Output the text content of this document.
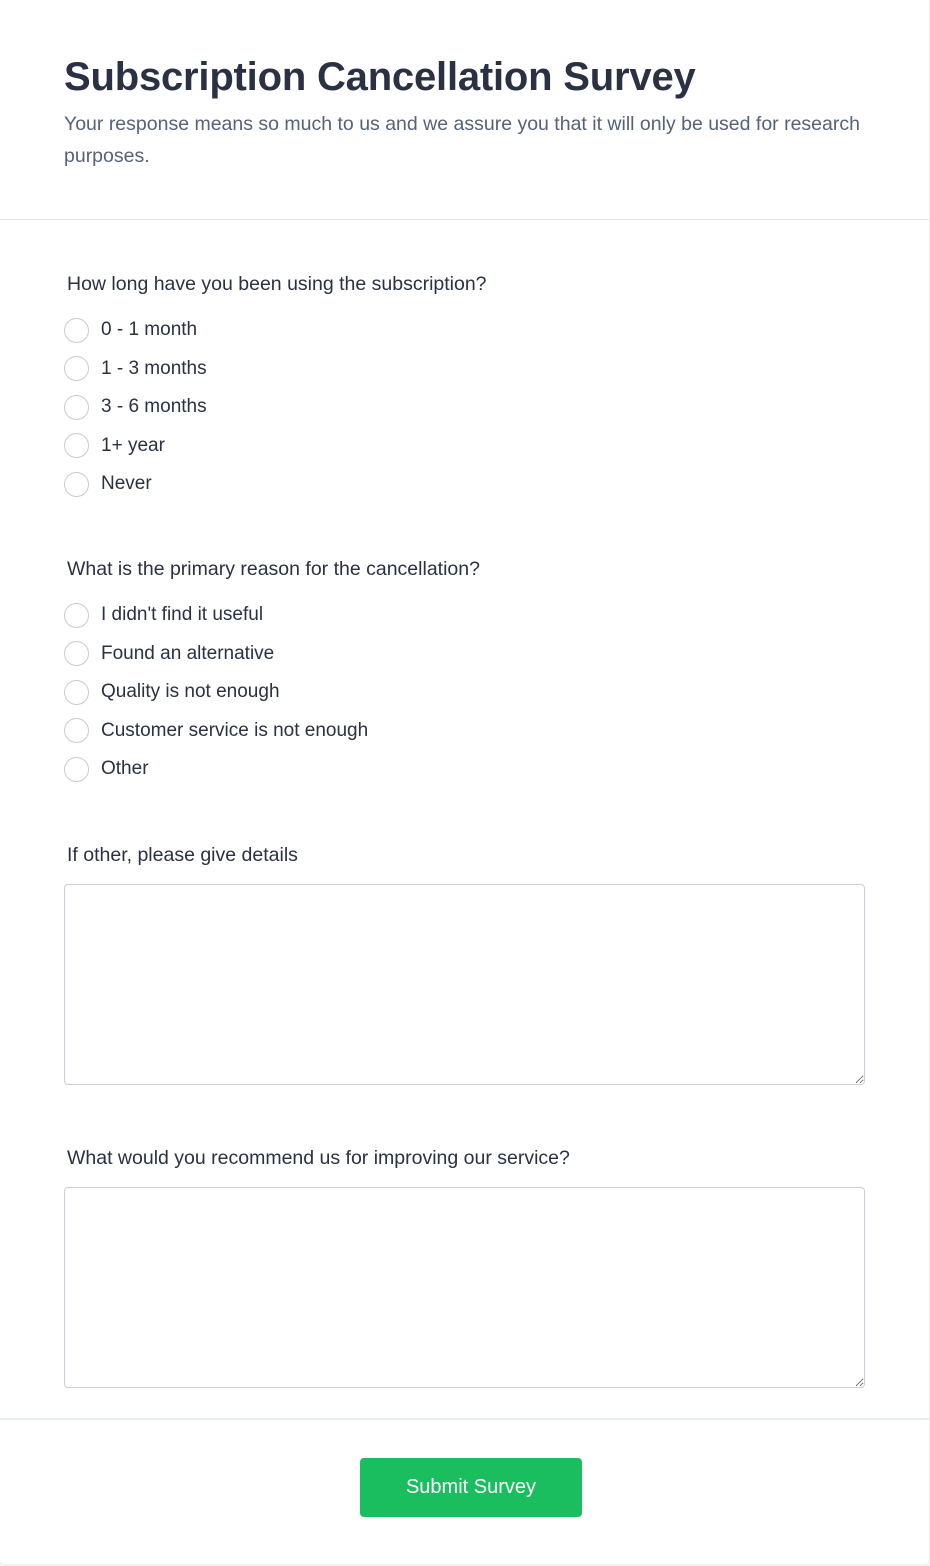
Subscription Cancellation Survey

Your response means so much to us and we assure you that it will only be used for research purposes.

How long have you been using the subscription?
0 - 1 month
1 - 3 months
3 - 6 months
1+ year
Never
What is the primary reason for the cancellation?
I didn't find it useful
Found an alternative
Quality is not enough
Customer service is not enough
Other
If other, please give details
What would you recommend us for improving our service?
Submit Survey
